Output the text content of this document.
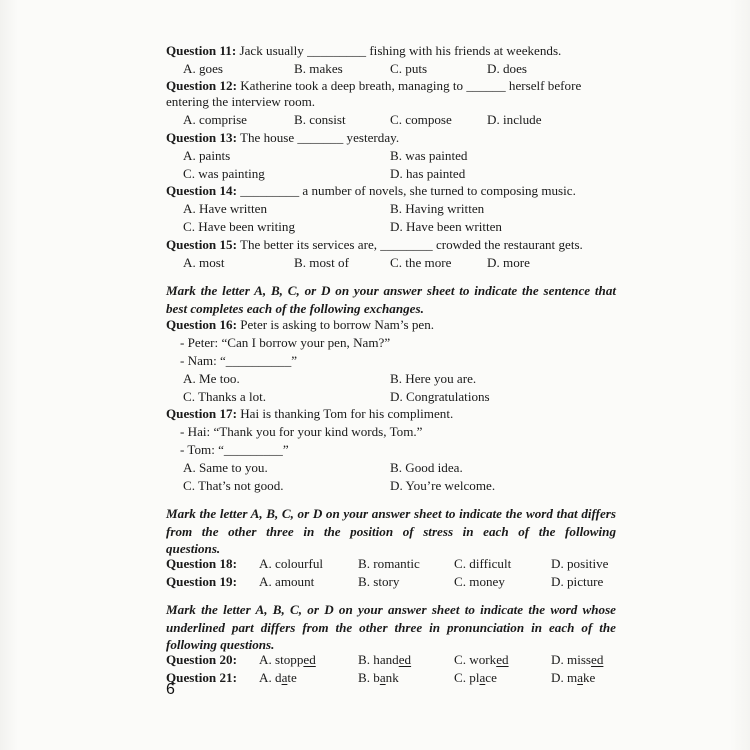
Question 11: Jack usually _________ fishing with his friends at weekends.
A. goes	B. makes	C. puts	D. does
Question 12: Katherine took a deep breath, managing to ______ herself before
entering the interview room.
A. comprise	B. consist	C. compose	D. include
Question 13: The house _______ yesterday.
A. paints	B. was painted
C. was painting	D. has painted
Question 14: _________ a number of novels, she turned to composing music.
A. Have written	B. Having written
C. Have been writing	D. Have been written
Question 15: The better its services are, ________ crowded the restaurant gets.
A. most	B. most of	C. the more	D. more
Mark the letter A, B, C, or D on your answer sheet to indicate the sentence that
best completes each of the following exchanges.
Question 16: Peter is asking to borrow Nam’s pen.
- Peter: “Can I borrow your pen, Nam?”
- Nam: “__________”
A. Me too.	B. Here you are.
C. Thanks a lot.	D. Congratulations
Question 17: Hai is thanking Tom for his compliment.
- Hai: “Thank you for your kind words, Tom.”
- Tom: “_________”
A. Same to you.	B. Good idea.
C. That’s not good.	D. You’re welcome.
Mark the letter A, B, C, or D on your answer sheet to indicate the word that differs from the other three in the position of stress in each of the following
questions.
Question 18: A. colourful	B. romantic	C. difficult	D. positive
Question 19: A. amount	B. story	C. money	D. picture
Mark the letter A, B, C, or D on your answer sheet to indicate the word whose underlined part differs from the other three in pronunciation in each of the
following questions.
Question 20: A. stopped	B. handed	C. worked	D. missed
Question 21: A. date	B. bank	C. place	D. make
6
